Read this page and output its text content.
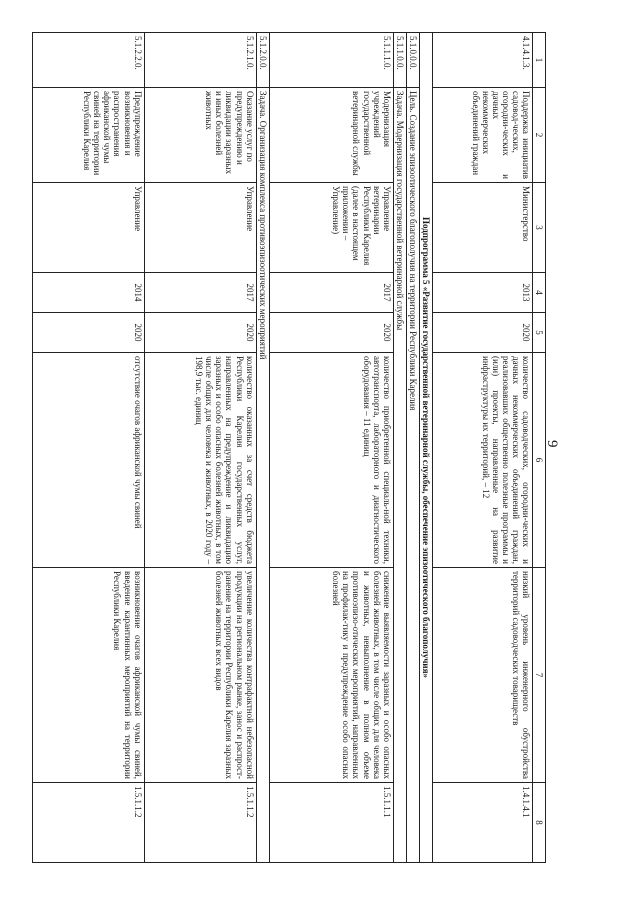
9
1	2	3	4	5	6	7	8
4.1.4.1.3.	Поддержка инициатив садовод-ческих, огородни-ческих и дачных некоммерческих объединений граждан	Министерство	2013	2020	количество садоводческих, огородни-ческих и дачных некоммерческих объединений граждан, реализовавших общественно полезные программы и (или) проекты, направленные на развитие инфраструктуры их территорий, – 12	низкий уровень инженерного обустройства территорий садоводческих товариществ	1.4.1.4.1
Подпрограмма 5 «Развитие государственной ветеринарной службы, обеспечение эпизоотического благополучия»							
5.1.0.0.0.	Цель. Создание эпизоотического благополучия на территории Республики Карелия						
5.1.1.0.0.	Задача. Модернизация государственной ветеринарной службы						
5.1.1.1.0.	Модернизация учреждений государственной ветеринарной службы	Управление ветеринарии Республики Карелия (далее в настоящем приложении – Управление)	2017	2020	количество приобретенной специаль-ной техники, автотранспорта, лабораторного и диагностического оборудования – 11 единиц	снижение выявляемости заразных и особо опасных болезней животных, в том числе общих для человека и животных, невыполнение в полном объеме противоэпизо-отических мероприятий, направленных на профилак-тику и предупреждение особо опасных болезней	1.5.1.1.1
5.1.2.0.0.	Задача. Организация комплекса противоэпизоотических мероприятий						
5.1.2.1.0.	Оказание услуг по предупреждению и ликвидации заразных и иных болезней животных	Управление	2017	2020	количество оказанных за счет средств бюджета Республики Карелия государственных услуг, направленных на предупреждение и ликвидацию заразных и особо опасных болезней животных, в том числе общих для человека и животных, в 2020 году – 198,9 тыс. единиц	увеличение количества контрафактной небезопасной продукции на региональном рынке, занос и распрост-ранение на территории Республики Карелия заразных болезней животных всех видов	1.5.1.1.2
5.1.2.2.0.	Предупреждение возникновения и распространения африканской чумы свиней на территории Республики Карелия	Управление	2014	2020	отсутствие очагов африканской чумы свиней	возникновение очагов африканской чумы свиней, введение карантинных мероприятий на территории Республики Карелия	1.5.1.1.2
